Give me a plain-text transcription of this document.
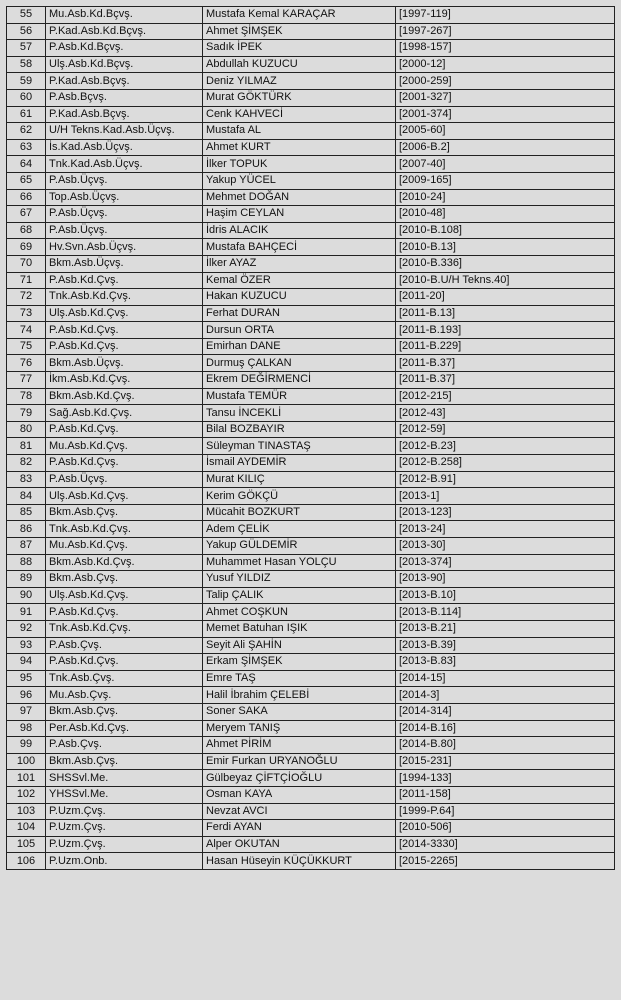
55	Mu.Asb.Kd.Bçvş.	Mustafa Kemal KARAÇAR	[1997-119]
56	P.Kad.Asb.Kd.Bçvş.	Ahmet ŞİMŞEK	[1997-267]
57	P.Asb.Kd.Bçvş.	Sadık İPEK	[1998-157]
58	Ulş.Asb.Kd.Bçvş.	Abdullah KUZUCU	[2000-12]
59	P.Kad.Asb.Bçvş.	Deniz YILMAZ	[2000-259]
60	P.Asb.Bçvş.	Murat GÖKTÜRK	[2001-327]
61	P.Kad.Asb.Bçvş.	Cenk KAHVECİ	[2001-374]
62	U/H Tekns.Kad.Asb.Üçvş.	Mustafa AL	[2005-60]
63	İs.Kad.Asb.Üçvş.	Ahmet KURT	[2006-B.2]
64	Tnk.Kad.Asb.Üçvş.	İlker TOPUK	[2007-40]
65	P.Asb.Üçvş.	Yakup YÜCEL	[2009-165]
66	Top.Asb.Üçvş.	Mehmet DOĞAN	[2010-24]
67	P.Asb.Üçvş.	Haşim CEYLAN	[2010-48]
68	P.Asb.Üçvş.	İdris ALACIK	[2010-B.108]
69	Hv.Svn.Asb.Üçvş.	Mustafa BAHÇECİ	[2010-B.13]
70	Bkm.Asb.Üçvş.	İlker AYAZ	[2010-B.336]
71	P.Asb.Kd.Çvş.	Kemal ÖZER	[2010-B.U/H Tekns.40]
72	Tnk.Asb.Kd.Çvş.	Hakan KUZUCU	[2011-20]
73	Ulş.Asb.Kd.Çvş.	Ferhat DURAN	[2011-B.13]
74	P.Asb.Kd.Çvş.	Dursun ORTA	[2011-B.193]
75	P.Asb.Kd.Çvş.	Emirhan DANE	[2011-B.229]
76	Bkm.Asb.Üçvş.	Durmuş ÇALKAN	[2011-B.37]
77	İkm.Asb.Kd.Çvş.	Ekrem DEĞİRMENCİ	[2011-B.37]
78	Bkm.Asb.Kd.Çvş.	Mustafa TEMÜR	[2012-215]
79	Sağ.Asb.Kd.Çvş.	Tansu İNCEKLİ	[2012-43]
80	P.Asb.Kd.Çvş.	Bilal BOZBAYIR	[2012-59]
81	Mu.Asb.Kd.Çvş.	Süleyman TINASTAŞ	[2012-B.23]
82	P.Asb.Kd.Çvş.	İsmail AYDEMİR	[2012-B.258]
83	P.Asb.Üçvş.	Murat KILIÇ	[2012-B.91]
84	Ulş.Asb.Kd.Çvş.	Kerim GÖKÇÜ	[2013-1]
85	Bkm.Asb.Çvş.	Mücahit BOZKURT	[2013-123]
86	Tnk.Asb.Kd.Çvş.	Adem ÇELİK	[2013-24]
87	Mu.Asb.Kd.Çvş.	Yakup GÜLDEMİR	[2013-30]
88	Bkm.Asb.Kd.Çvş.	Muhammet Hasan YOLÇU	[2013-374]
89	Bkm.Asb.Çvş.	Yusuf YILDIZ	[2013-90]
90	Ulş.Asb.Kd.Çvş.	Talip ÇALIK	[2013-B.10]
91	P.Asb.Kd.Çvş.	Ahmet COŞKUN	[2013-B.114]
92	Tnk.Asb.Kd.Çvş.	Memet Batuhan IŞIK	[2013-B.21]
93	P.Asb.Çvş.	Seyit Ali ŞAHİN	[2013-B.39]
94	P.Asb.Kd.Çvş.	Erkam ŞİMŞEK	[2013-B.83]
95	Tnk.Asb.Çvş.	Emre TAŞ	[2014-15]
96	Mu.Asb.Çvş.	Halil İbrahim ÇELEBİ	[2014-3]
97	Bkm.Asb.Çvş.	Soner SAKA	[2014-314]
98	Per.Asb.Kd.Çvş.	Meryem TANIŞ	[2014-B.16]
99	P.Asb.Çvş.	Ahmet PİRİM	[2014-B.80]
100	Bkm.Asb.Çvş.	Emir Furkan URYANOĞLU	[2015-231]
101	SHSSvl.Me.	Gülbeyaz ÇİFTÇİOĞLU	[1994-133]
102	YHSSvl.Me.	Osman KAYA	[2011-158]
103	P.Uzm.Çvş.	Nevzat AVCI	[1999-P.64]
104	P.Uzm.Çvş.	Ferdi AYAN	[2010-506]
105	P.Uzm.Çvş.	Alper OKUTAN	[2014-3330]
106	P.Uzm.Onb.	Hasan Hüseyin KÜÇÜKKURT	[2015-2265]
